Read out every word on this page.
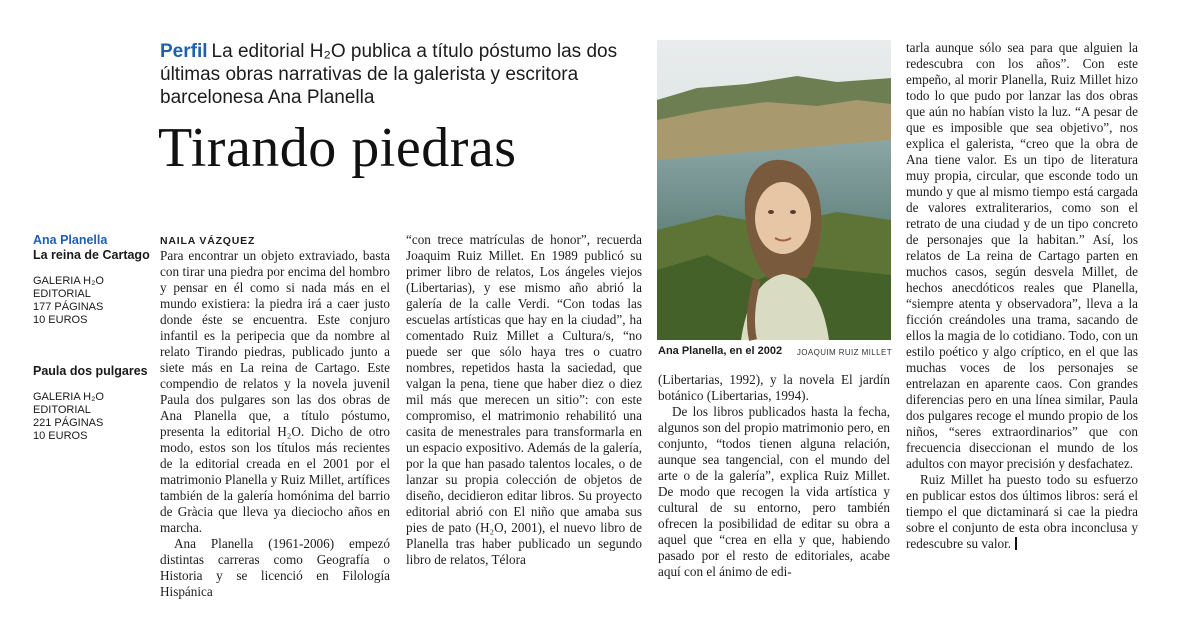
Perfil La editorial H₂O publica a título póstumo las dos últimas obras narrativas de la galerista y escritora barcelonesa Ana Planella
Tirando piedras
Ana Planella
La reina de Cartago
GALERIA H₂O EDITORIAL
177 PÁGINAS
10 EUROS
Paula dos pulgares
GALERIA H₂O EDITORIAL
221 PÁGINAS
10 EUROS
NAILA VÁZQUEZ

Para encontrar un objeto extraviado, basta con tirar una piedra por encima del hombro y pensar en él como si nada más en el mundo existiera: la piedra irá a caer justo donde éste se encuentra. Este conjuro infantil es la peripecia que da nombre al relato Tirando piedras, publicado junto a siete más en La reina de Cartago. Este compendio de relatos y la novela juvenil Paula dos pulgares son las dos obras de Ana Planella que, a título póstumo, presenta la editorial H₂O. Dicho de otro modo, estos son los títulos más recientes de la editorial creada en el 2001 por el matrimonio Planella y Ruiz Millet, artífices también de la galería homónima del barrio de Gràcia que lleva ya dieciocho años en marcha.

Ana Planella (1961-2006) empezó distintas carreras como Geografía o Historia y se licenció en Filología Hispánica

“con trece matrículas de honor”, recuerda Joaquim Ruiz Millet. En 1989 publicó su primer libro de relatos, Los ángeles viejos (Libertarias), y ese mismo año abrió la galería de la calle Verdi. “Con todas las escuelas artísticas que hay en la ciudad”, ha comentado Ruiz Millet a Cultura/s, “no puede ser que sólo haya tres o cuatro nombres, repetidos hasta la saciedad, que valgan la pena, tiene que haber diez o diez mil más que merecen un sitio”: con este compromiso, el matrimonio rehabilitó una casita de menestrales para transformarla en un espacio expositivo. Además de la galería, por la que han pasado talentos locales, o de lanzar su propia colección de objetos de diseño, decidieron editar libros. Su proyecto editorial abrió con El niño que amaba sus pies de pato (H₂O, 2001), el nuevo libro de Planella tras haber publicado un segundo libro de relatos, Télora

Ana Planella, en el 2002 JOAQUIM RUIZ MILLET

(Libertarias, 1992), y la novela El jardín botánico (Libertarias, 1994).

De los libros publicados hasta la fecha, algunos son del propio matrimonio pero, en conjunto, “todos tienen alguna relación, aunque sea tangencial, con el mundo del arte o de la galería”, explica Ruiz Millet. De modo que recogen la vida artística y cultural de su entorno, pero también ofrecen la posibilidad de editar su obra a aquel que “crea en ella y que, habiendo pasado por el resto de editoriales, acabe aquí con el ánimo de edi-

tarla aunque sólo sea para que alguien la redescubra con los años”. Con este empeño, al morir Planella, Ruiz Millet hizo todo lo que pudo por lanzar las dos obras que aún no habían visto la luz. “A pesar de que es imposible que sea objetivo”, nos explica el galerista, “creo que la obra de Ana tiene valor. Es un tipo de literatura muy propia, circular, que esconde todo un mundo y que al mismo tiempo está cargada de valores extraliterarios, como son el retrato de una ciudad y de un tipo concreto de personajes que la habitan.” Así, los relatos de La reina de Cartago parten en muchos casos, según desvela Millet, de hechos anecdóticos reales que Planella, “siempre atenta y observadora”, lleva a la ficción creándoles una trama, sacando de ellos la magia de lo cotidiano. Todo, con un estilo poético y algo críptico, en el que las muchas voces de los personajes se entrelazan en aparente caos. Con grandes diferencias pero en una línea similar, Paula dos pulgares recoge el mundo propio de los niños, “seres extraordinarios” que con frecuencia diseccionan el mundo de los adultos con mayor precisión y desfachatez.

Ruiz Millet ha puesto todo su esfuerzo en publicar estos dos últimos libros: será el tiempo el que dictaminará si cae la piedra sobre el conjunto de esta obra inconclusa y redescubre su valor.
